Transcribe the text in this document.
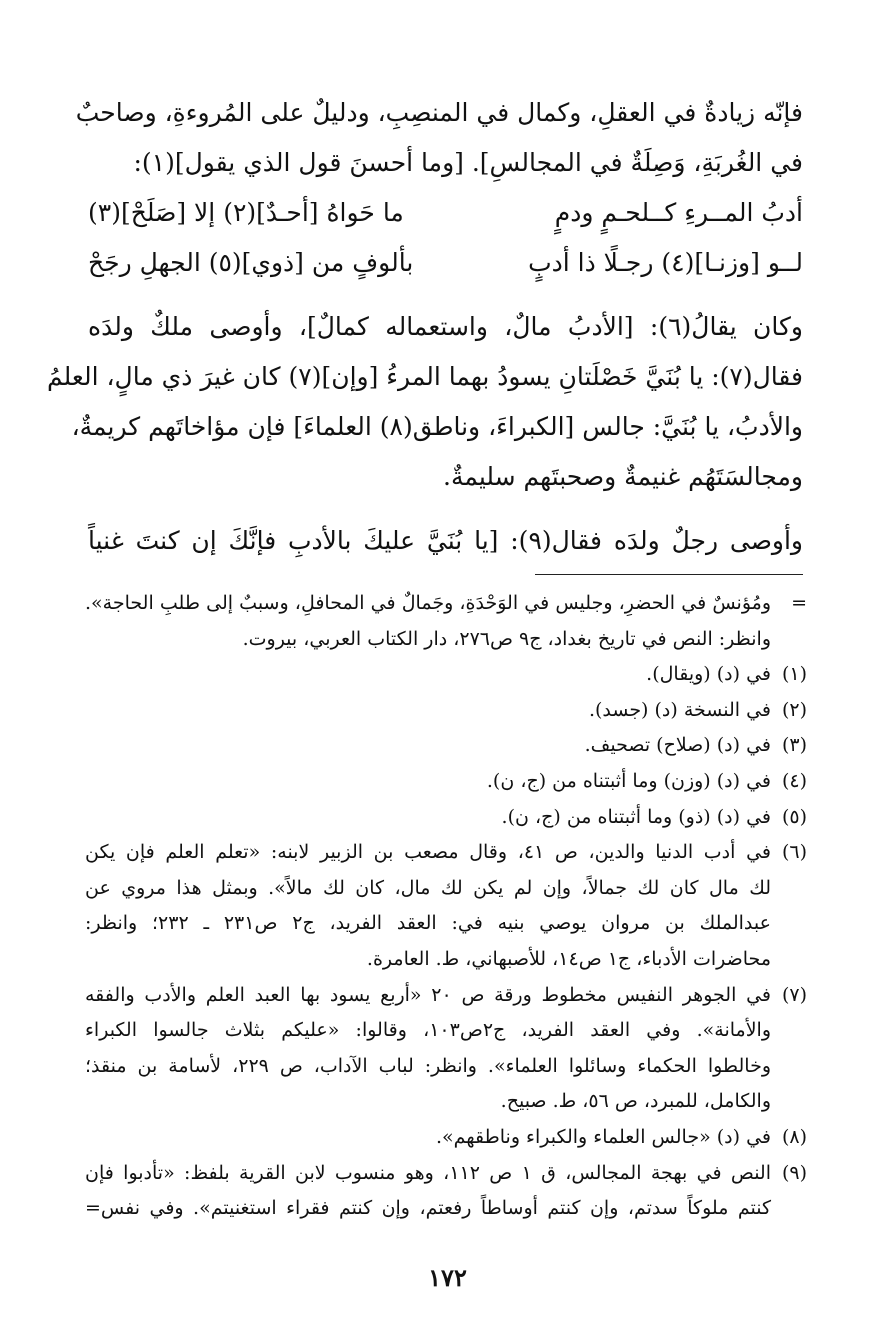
فإنّه زيادةٌ في العقلِ، وكمال في المنصِبِ، ودليلٌ على المُروءةِ، وصاحبٌ
في الغُربَةِ، وَصِلَةٌ في المجالسِ]. [وما أحسنَ قول الذي يقول](١):
أدبُ المــرءِ كــلحـمٍ ودمٍ
ما حَواهُ [أحـدٌ](٢) إلا [صَلَحْ](٣)
لــو [وزنـا](٤) رجـلًا ذا أدبٍ
بألوفٍ من [ذوي](٥) الجهلِ رجَحْ
وكان يقالُ(٦): [الأدبُ مالٌ، واستعماله كمالٌ]، وأوصى ملكٌ ولدَه
فقال(٧): يا بُنَيَّ خَصْلَتانِ يسودُ بهما المرءُ [وإن](٧) كان غيرَ ذي مالٍ، العلمُ
والأدبُ، يا بُنَيَّ: جالس [الكبراءَ، وناطق(٨) العلماءَ] فإن مؤاخاتَهم كريمةٌ،
ومجالسَتَهُم غنيمةٌ وصحبتَهم سليمةٌ.
وأوصى رجلٌ ولدَه فقال(٩): [يا بُنَيَّ عليكَ بالأدبِ فإنَّكَ إن كنتَ غنياً
=
ومُؤنسٌ في الحضرِ، وجليس في الوَحْدَةِ، وجَمالٌ في المحافلِ، وسببٌ إلى طلبِ الحاجة».
وانظر: النص في تاريخ بغداد، ج٩ ص٢٧٦، دار الكتاب العربي، بيروت.
(١)
في (د) (ويقال).
(٢)
في النسخة (د) (جسد).
(٣)
في (د) (صلاح) تصحيف.
(٤)
في (د) (وزن) وما أثبتناه من (ج، ن).
(٥)
في (د) (ذو) وما أثبتناه من (ج، ن).
(٦)
في أدب الدنيا والدين، ص ٤١، وقال مصعب بن الزبير لابنه: «تعلم العلم فإن يكن
لك مال كان لك جمالاً، وإن لم يكن لك مال، كان لك مالاً». وبمثل هذا مروي عن
عبدالملك بن مروان يوصي بنيه في: العقد الفريد، ج٢ ص٢٣١ ـ ٢٣٢؛ وانظر:
محاضرات الأدباء، ج١ ص١٤، للأصبهاني، ط. العامرة.
(٧)
في الجوهر النفيس مخطوط ورقة ص ٢٠ «أربع يسود بها العبد العلم والأدب والفقه
والأمانة». وفي العقد الفريد، ج٢ص١٠٣، وقالوا: «عليكم بثلاث جالسوا الكبراء
وخالطوا الحكماء وسائلوا العلماء». وانظر: لباب الآداب، ص ٢٢٩، لأسامة بن منقذ؛
والكامل، للمبرد، ص ٥٦، ط. صبيح.
(٨)
في (د) «جالس العلماء والكبراء وناطقهم».
(٩)
النص في بهجة المجالس، ق ١ ص ١١٢، وهو منسوب لابن القرية بلفظ: «تأدبوا فإن
كنتم ملوكاً سدتم، وإن كنتم أوساطاً رفعتم، وإن كنتم فقراء استغنيتم». وفي نفس=
١٧٢
